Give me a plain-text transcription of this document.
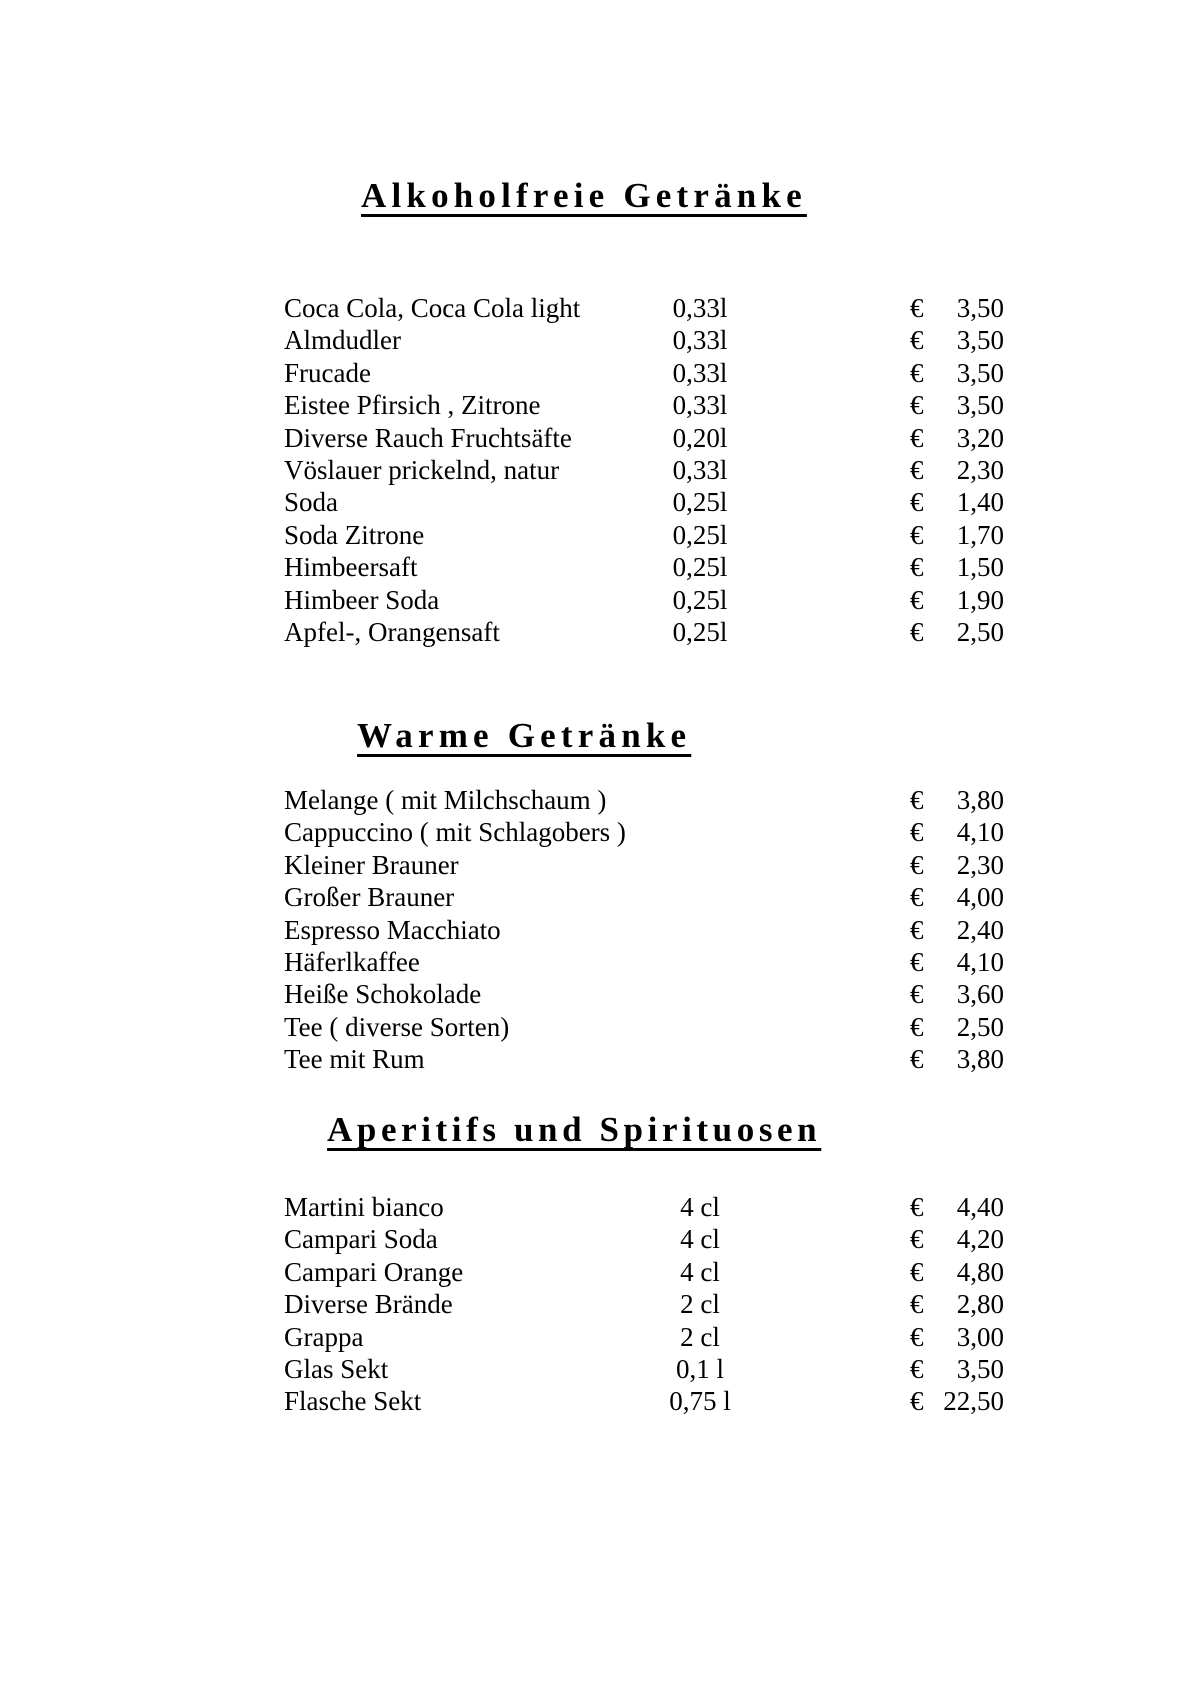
Alkoholfreie Getränke
Coca Cola, Coca Cola light	0,33l	€ 3,50
Almdudler	0,33l	€ 3,50
Frucade	0,33l	€ 3,50
Eistee Pfirsich , Zitrone	0,33l	€ 3,50
Diverse Rauch Fruchtsäfte	0,20l	€ 3,20
Vöslauer prickelnd, natur	0,33l	€ 2,30
Soda	0,25l	€ 1,40
Soda Zitrone	0,25l	€ 1,70
Himbeersaft	0,25l	€ 1,50
Himbeer Soda	0,25l	€ 1,90
Apfel-, Orangensaft	0,25l	€ 2,50
Warme Getränke
Melange ( mit Milchschaum )	€ 3,80
Cappuccino ( mit Schlagobers )	€ 4,10
Kleiner Brauner	€ 2,30
Großer Brauner	€ 4,00
Espresso Macchiato	€ 2,40
Häferlkaffee	€ 4,10
Heiße Schokolade	€ 3,60
Tee ( diverse Sorten)	€ 2,50
Tee mit Rum	€ 3,80
Aperitifs und Spirituosen
Martini bianco	4 cl	€ 4,40
Campari Soda	4 cl	€ 4,20
Campari Orange	4 cl	€ 4,80
Diverse Brände	2 cl	€ 2,80
Grappa	2 cl	€ 3,00
Glas Sekt	0,1 l	€ 3,50
Flasche Sekt	0,75 l	€ 22,50
